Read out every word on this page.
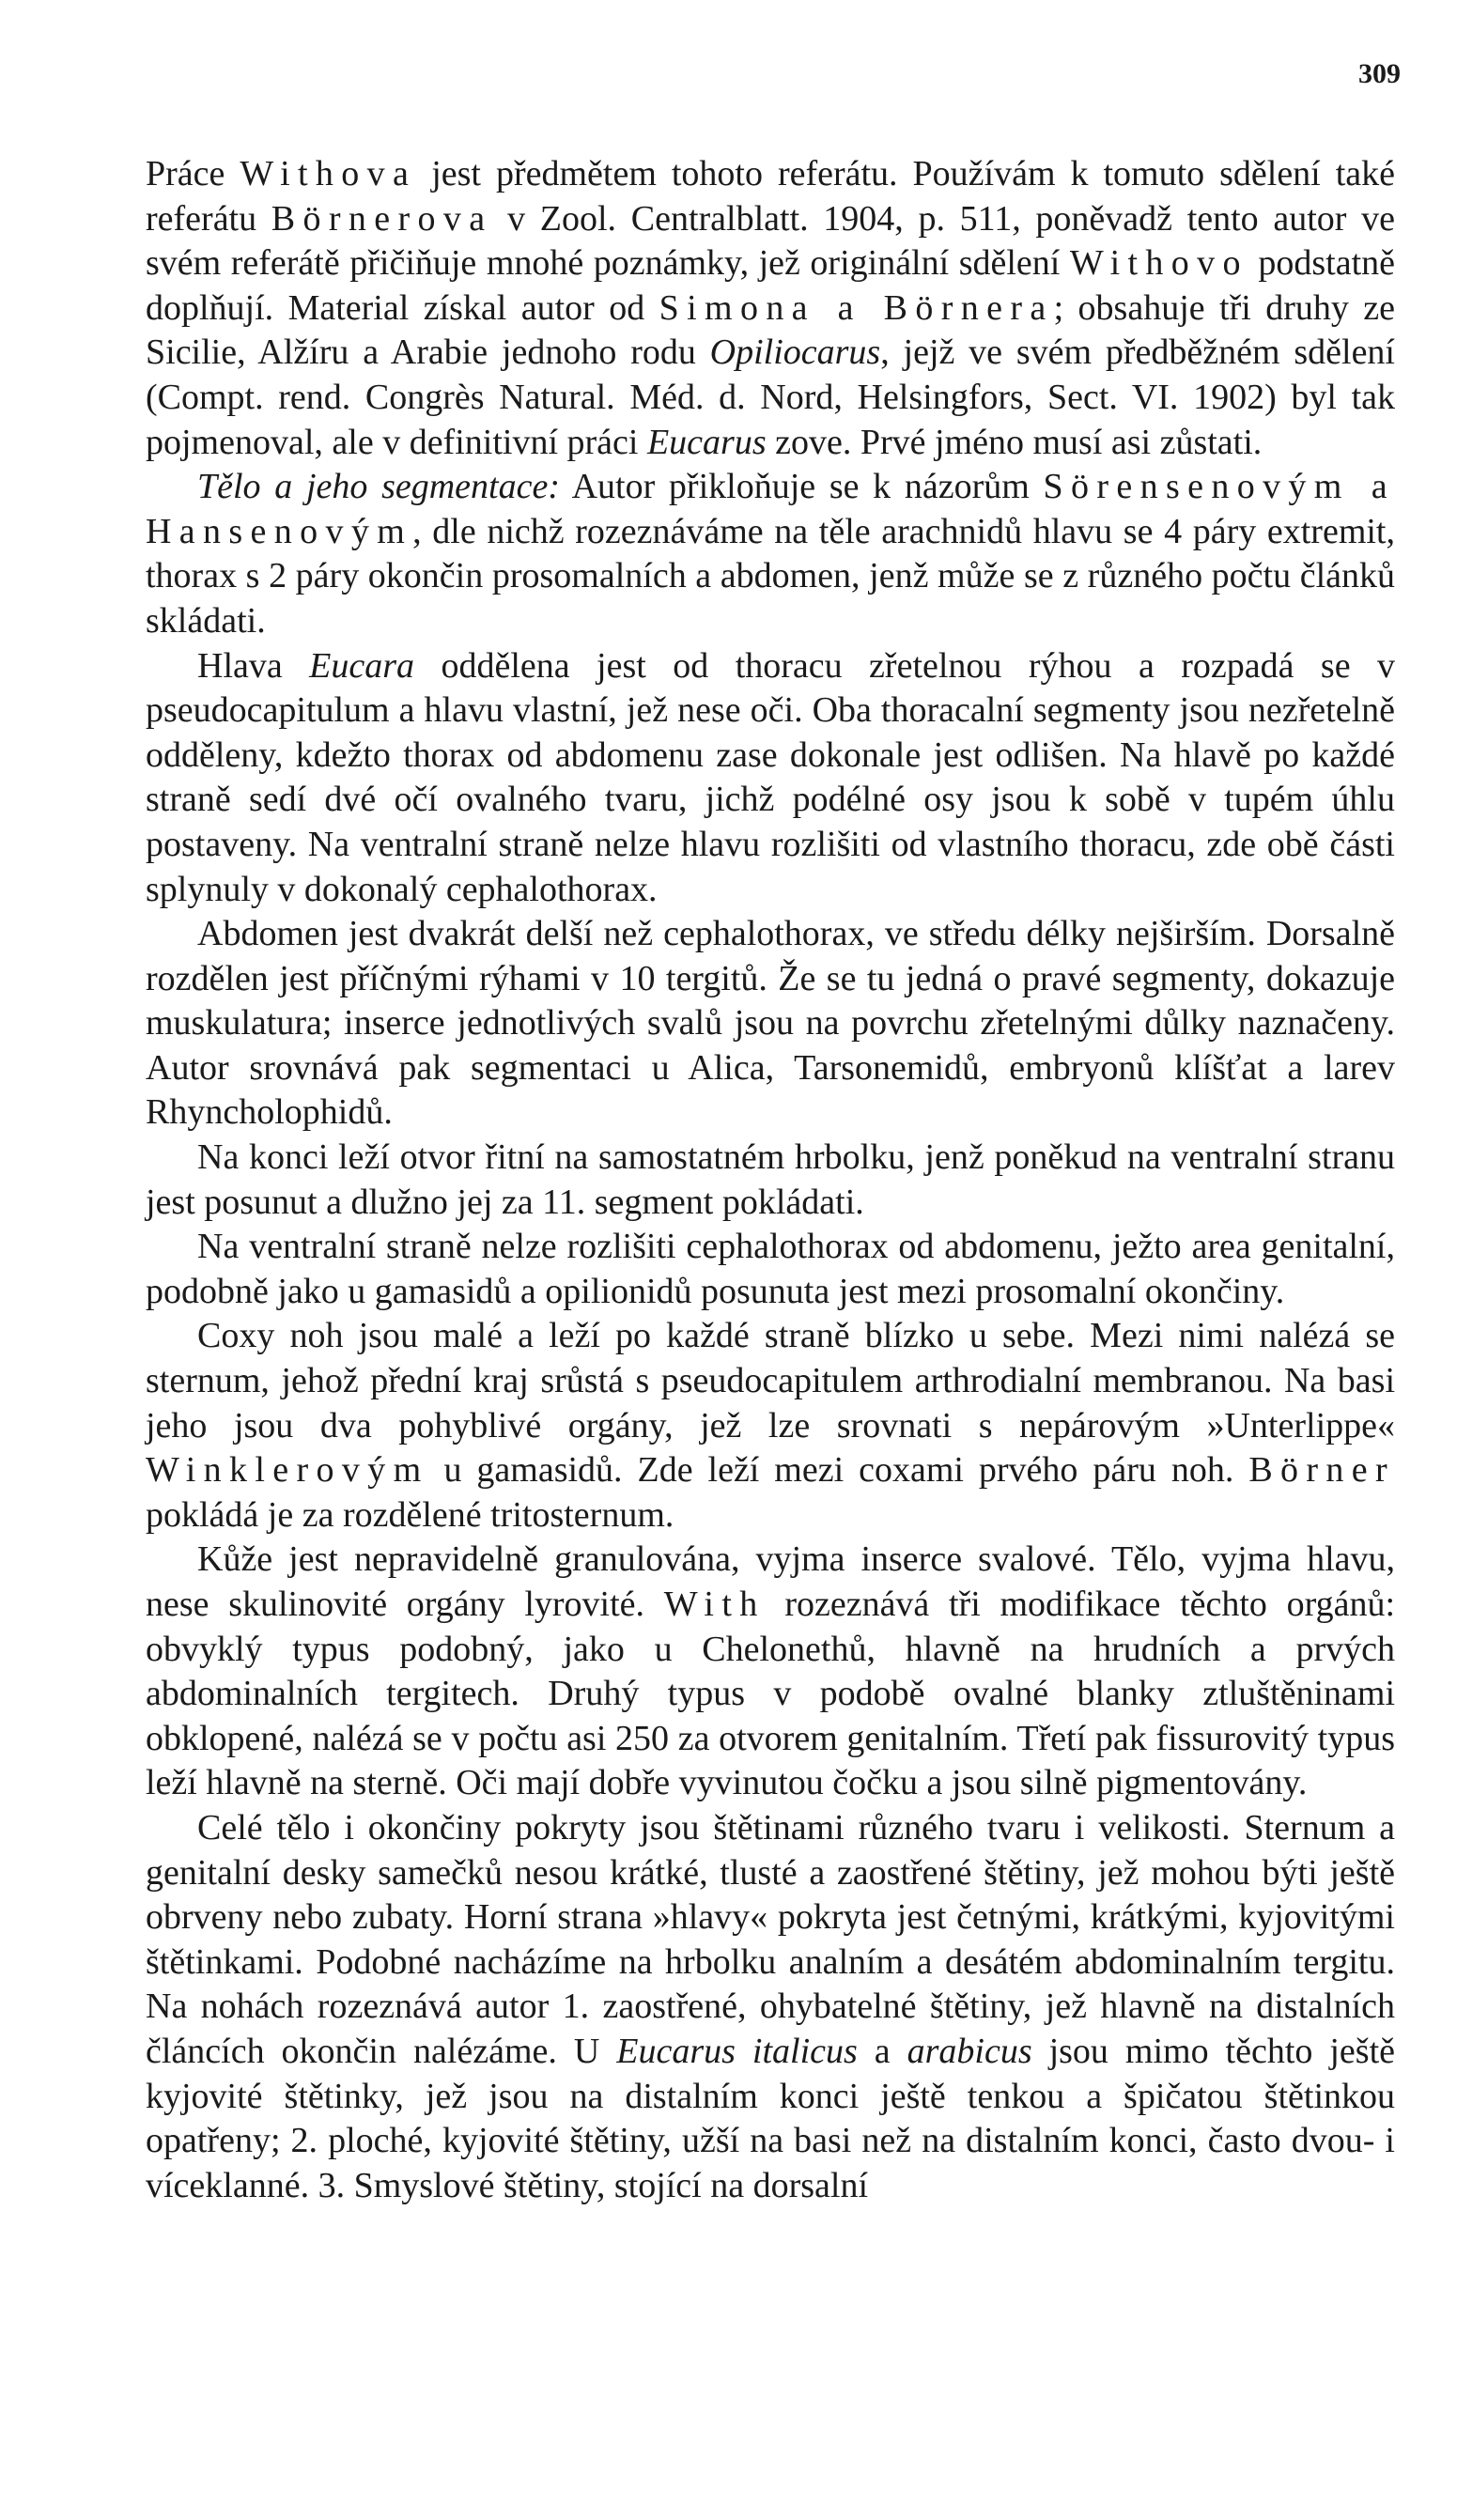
309

Práce Withova jest předmětem tohoto referátu. Používám k tomuto sdělení také referátu Börnerova v Zool. Centralblatt. 1904, p. 511, poněvadž tento autor ve svém referátě přičiňuje mnohé poznámky, jež originální sdělení Withovo podstatně doplňují. Material získal autor od Simona a Börnera; obsahuje tři druhy ze Sicilie, Alžíru a Arabie jednoho rodu Opiliocarus, jejž ve svém předběžném sdělení (Compt. rend. Congrès Natural. Méd. d. Nord, Helsingfors, Sect. VI. 1902) byl tak pojmenoval, ale v definitivní práci Eucarus zove. Prvé jméno musí asi zůstati.

Tělo a jeho segmentace: Autor přikloňuje se k názorům Sörensenovým a Hansenovým, dle nichž rozeznáváme na těle arachnidů hlavu se 4 páry extremit, thorax s 2 páry okončin prosomalních a abdomen, jenž může se z různého počtu článků skládati.

Hlava Eucara oddělena jest od thoracu zřetelnou rýhou a rozpadá se v pseudocapitulum a hlavu vlastní, jež nese oči. Oba thoracalní segmenty jsou nezřetelně odděleny, kdežto thorax od abdomenu zase dokonale jest odlišen. Na hlavě po každé straně sedí dvé očí ovalného tvaru, jichž podélné osy jsou k sobě v tupém úhlu postaveny. Na ventralní straně nelze hlavu rozlišiti od vlastního thoracu, zde obě části splynuly v dokonalý cephalothorax.

Abdomen jest dvakrát delší než cephalothorax, ve středu délky nejširším. Dorsalně rozdělen jest příčnými rýhami v 10 tergitů. Že se tu jedná o pravé segmenty, dokazuje muskulatura; inserce jednotlivých svalů jsou na povrchu zřetelnými důlky naznačeny. Autor srovnává pak segmentaci u Alica, Tarsonemidů, embryonů klíšťat a larev Rhyncholophidů.

Na konci leží otvor řitní na samostatném hrbolku, jenž poněkud na ventralní stranu jest posunut a dlužno jej za 11. segment pokládati.

Na ventralní straně nelze rozlišiti cephalothorax od abdomenu, ježto area genitalní, podobně jako u gamasidů a opilionidů posunuta jest mezi prosomalní okončiny.

Coxy noh jsou malé a leží po každé straně blízko u sebe. Mezi nimi nalézá se sternum, jehož přední kraj srůstá s pseudocapitulem arthrodialní membranou. Na basi jeho jsou dva pohyblivé orgány, jež lze srovnati s nepárovým »Unterlippe« Winklerovým u gamasidů. Zde leží mezi coxami prvého páru noh. Börner pokládá je za rozdělené tritosternum.

Kůže jest nepravidelně granulována, vyjma inserce svalové. Tělo, vyjma hlavu, nese skulinovité orgány lyrovité. With rozeznává tři modifikace těchto orgánů: obvyklý typus podobný, jako u Chelonethů, hlavně na hrudních a prvých abdominalních tergitech. Druhý typus v podobě ovalné blanky ztluštěninami obklopené, nalézá se v počtu asi 250 za otvorem genitalním. Třetí pak fissurovitý typus leží hlavně na sterně. Oči mají dobře vyvinutou čočku a jsou silně pigmentovány.

Celé tělo i okončiny pokryty jsou štětinami různého tvaru i velikosti. Sternum a genitalní desky samečků nesou krátké, tlusté a zaostřené štětiny, jež mohou býti ještě obrveny nebo zubaty. Horní strana »hlavy« pokryta jest četnými, krátkými, kyjovitými štětinkami. Podobné nacházíme na hrbolku analním a desátém abdominalním tergitu. Na nohách rozeznává autor 1. zaostřené, ohybatelné štětiny, jež hlavně na distalních článcích okončin nalézáme. U Eucarus italicus a arabicus jsou mimo těchto ještě kyjovité štětinky, jež jsou na distalním konci ještě tenkou a špičatou štětinkou opatřeny; 2. ploché, kyjovité štětiny, užší na basi než na distalním konci, často dvou- i víceklanné. 3. Smyslové štětiny, stojící na dorsalní
